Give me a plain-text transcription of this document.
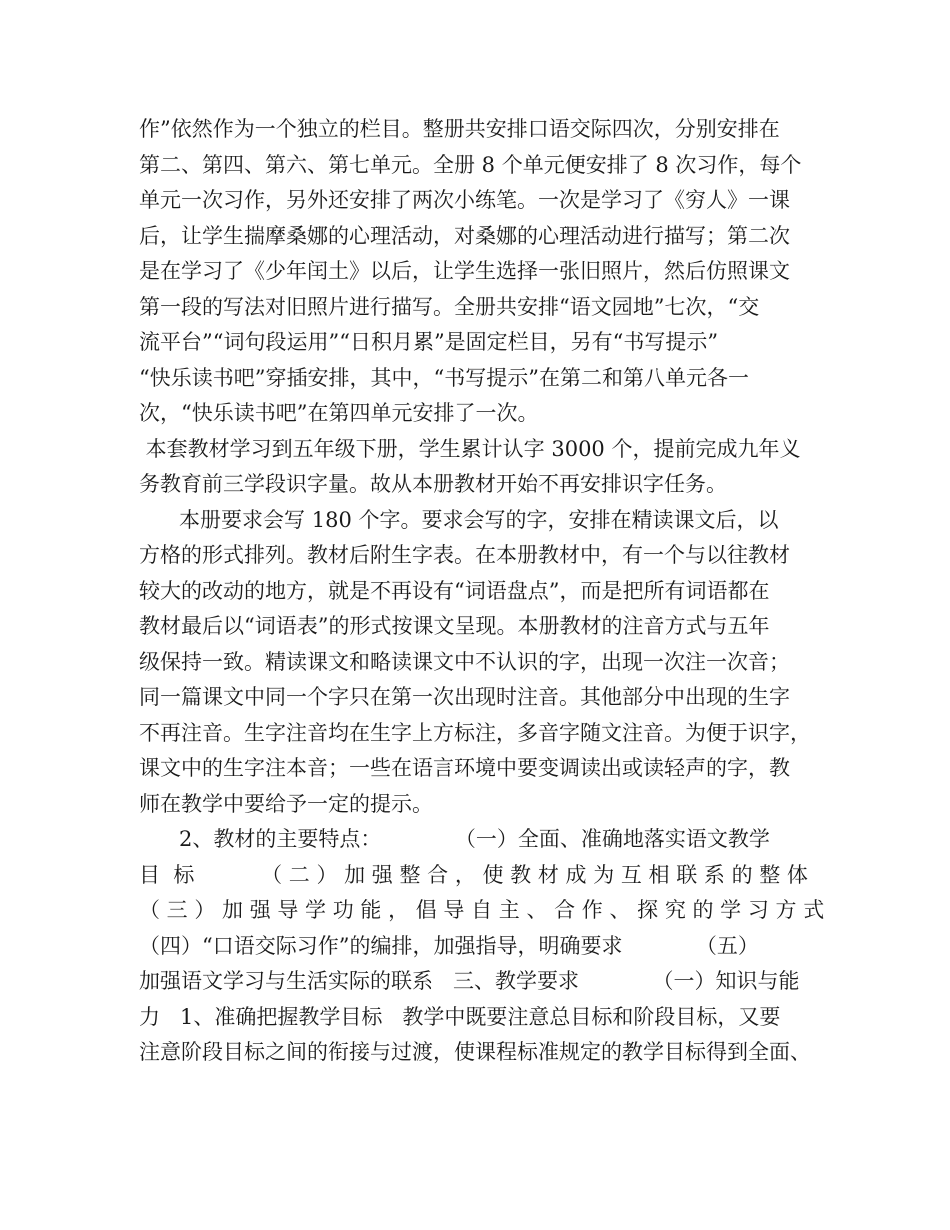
作”依然作为一个独立的栏目。整册共安排口语交际四次，分别安排在
第二、第四、第六、第七单元。全册 8 个单元便安排了 8 次习作，每个
单元一次习作，另外还安排了两次小练笔。一次是学习了《穷人》一课
后，让学生揣摩桑娜的心理活动，对桑娜的心理活动进行描写；第二次
是在学习了《少年闰土》以后，让学生选择一张旧照片，然后仿照课文
第一段的写法对旧照片进行描写。全册共安排“语文园地”七次，“交
流平台”“词句段运用”“日积月累”是固定栏目，另有“书写提示”
“快乐读书吧”穿插安排，其中，“书写提示”在第二和第八单元各一
次，“快乐读书吧”在第四单元安排了一次。
本套教材学习到五年级下册，学生累计认字 3000 个，提前完成九年义
务教育前三学段识字量。故从本册教材开始不再安排识字任务。
本册要求会写 180 个字。要求会写的字，安排在精读课文后，以
方格的形式排列。教材后附生字表。在本册教材中，有一个与以往教材
较大的改动的地方，就是不再设有“词语盘点”，而是把所有词语都在
教材最后以“词语表”的形式按课文呈现。本册教材的注音方式与五年
级保持一致。精读课文和略读课文中不认识的字，出现一次注一次音；
同一篇课文中同一个字只在第一次出现时注音。其他部分中出现的生字
不再注音。生字注音均在生字上方标注，多音字随文注音。为便于识字，
课文中的生字注本音；一些在语言环境中要变调读出或读轻声的字，教
师在教学中要给予一定的提示。
2、教材的主要特点：           （一）全面、准确地落实语文教学
目  标          （ 二 ） 加 强 整 合 ， 使 教 材 成 为 互 相 联 系 的 整 体
（ 三 ） 加 强 导 学 功 能 ， 倡 导 自 主 、 合 作 、 探 究 的 学 习 方 式
（四）“口语交际习作”的编排，加强指导，明确要求           （五）
加强语文学习与生活实际的联系   三、教学要求           （一）知识与能
力   1、准确把握教学目标   教学中既要注意总目标和阶段目标，又要
注意阶段目标之间的衔接与过渡，使课程标准规定的教学目标得到全面、
